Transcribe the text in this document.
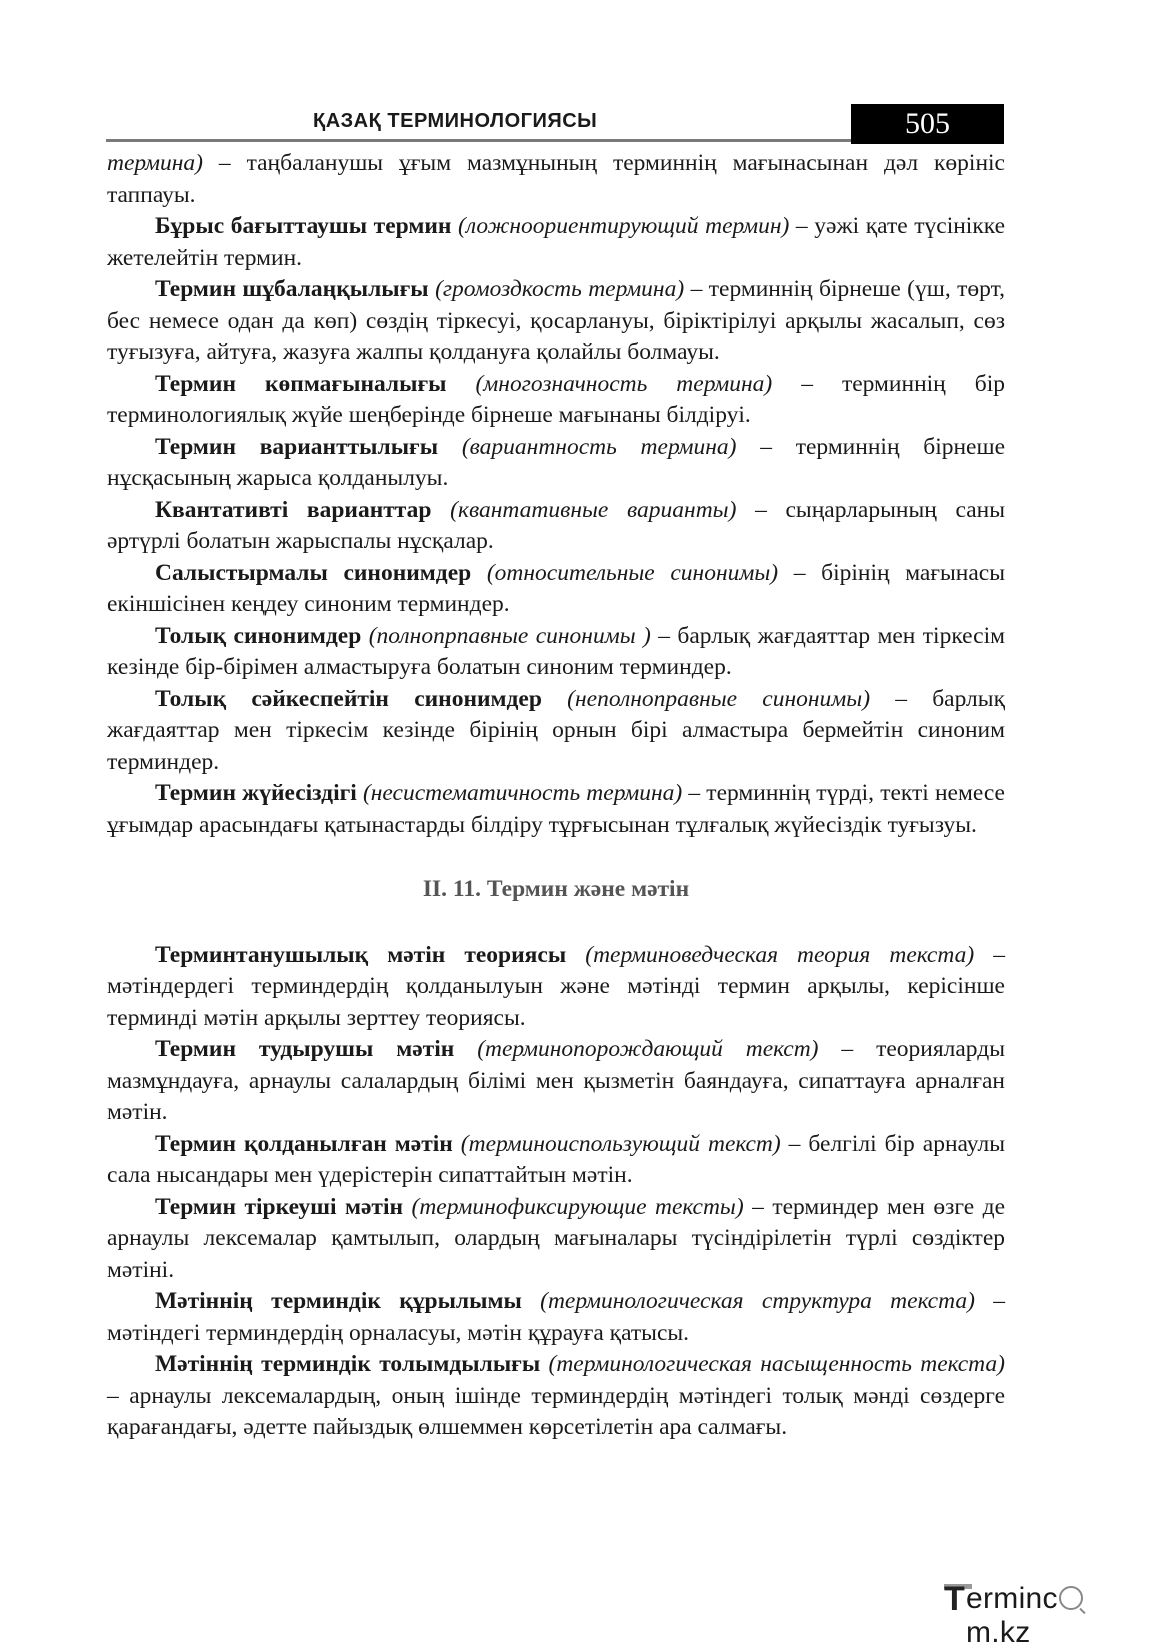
ҚАЗАҚ ТЕРМИНОЛОГИЯСЫ	505

термина) – таңбаланушы ұғым мазмұнының терминнің мағынасынан дәл көрініс таппауы.

Бұрыс бағыттаушы термин (ложноориентирующий термин) – уәжі қате түсінікке жетелейтін термин.

Термин шұбалаңқылығы (громоздкость термина) – терминнің бірнеше (үш, төрт, бес немесе одан да көп) сөздің тіркесуі, қосарлануы, біріктірілуі арқылы жасалып, сөз туғызуға, айтуға, жазуға жалпы қолдануға қолайлы болмауы.

Термин көпмағыналығы (многозначность термина) – терминнің бір терминологиялық жүйе шеңберінде бірнеше мағынаны білдіруі.

Термин варианттылығы (вариантность термина) – терминнің бірнеше нұсқасының жарыса қолданылуы.

Квантативті варианттар (квантативные варианты) – сыңарларының саны әртүрлі болатын жарыспалы нұсқалар.

Салыстырмалы синонимдер (относительные синонимы) – бірінің мағынасы екіншісінен кеңдеу синоним терминдер.

Толық синонимдер (полнопрпавные синонимы ) – барлық жағдаяттар мен тіркесім кезінде бір-бірімен алмастыруға болатын синоним терминдер.

Толық сәйкеспейтін синонимдер (неполноправные синонимы) – барлық жағдаяттар мен тіркесім кезінде бірінің орнын бірі алмастыра бермейтін синоним терминдер.

Термин жүйесіздігі (несистематичность термина) – терминнің түрді, текті немесе ұғымдар арасындағы қатынастарды білдіру тұрғысынан тұлғалық жүйесіздік туғызуы.

II. 11. Термин және мәтін

Терминтанушылық мәтін теориясы (терминоведческая теория текста) – мәтіндердегі терминдердің қолданылуын және мәтінді термин арқылы, керісінше терминді мәтін арқылы зерттеу теориясы.

Термин тудырушы мәтін (терминопорождающий текст) – теорияларды мазмұндауға, арнаулы салалардың білімі мен қызметін баяндауға, сипаттауға арналған мәтін.

Термин қолданылған мәтін (терминоиспользующий текст) – белгілі бір арнаулы сала нысандары мен үдерістерін сипаттайтын мәтін.

Термин тіркеуші мәтін (терминофиксирующие тексты) – терминдер мен өзге де арнаулы лексемалар қамтылып, олардың мағыналары түсіндірілетін түрлі сөздіктер мәтіні.

Мәтіннің терминдік құрылымы (терминологическая структура текста) – мәтіндегі терминдердің орналасуы, мәтін құрауға қатысы.

Мәтіннің терминдік толымдылығы (терминологическая насыщенность текста) – арнаулы лексемалардың, оның ішінде терминдердің мәтіндегі толық мәнді сөздерге қарағандағы, әдетте пайыздық өлшеммен көрсетілетін ара салмағы.

T ermincm.kz
